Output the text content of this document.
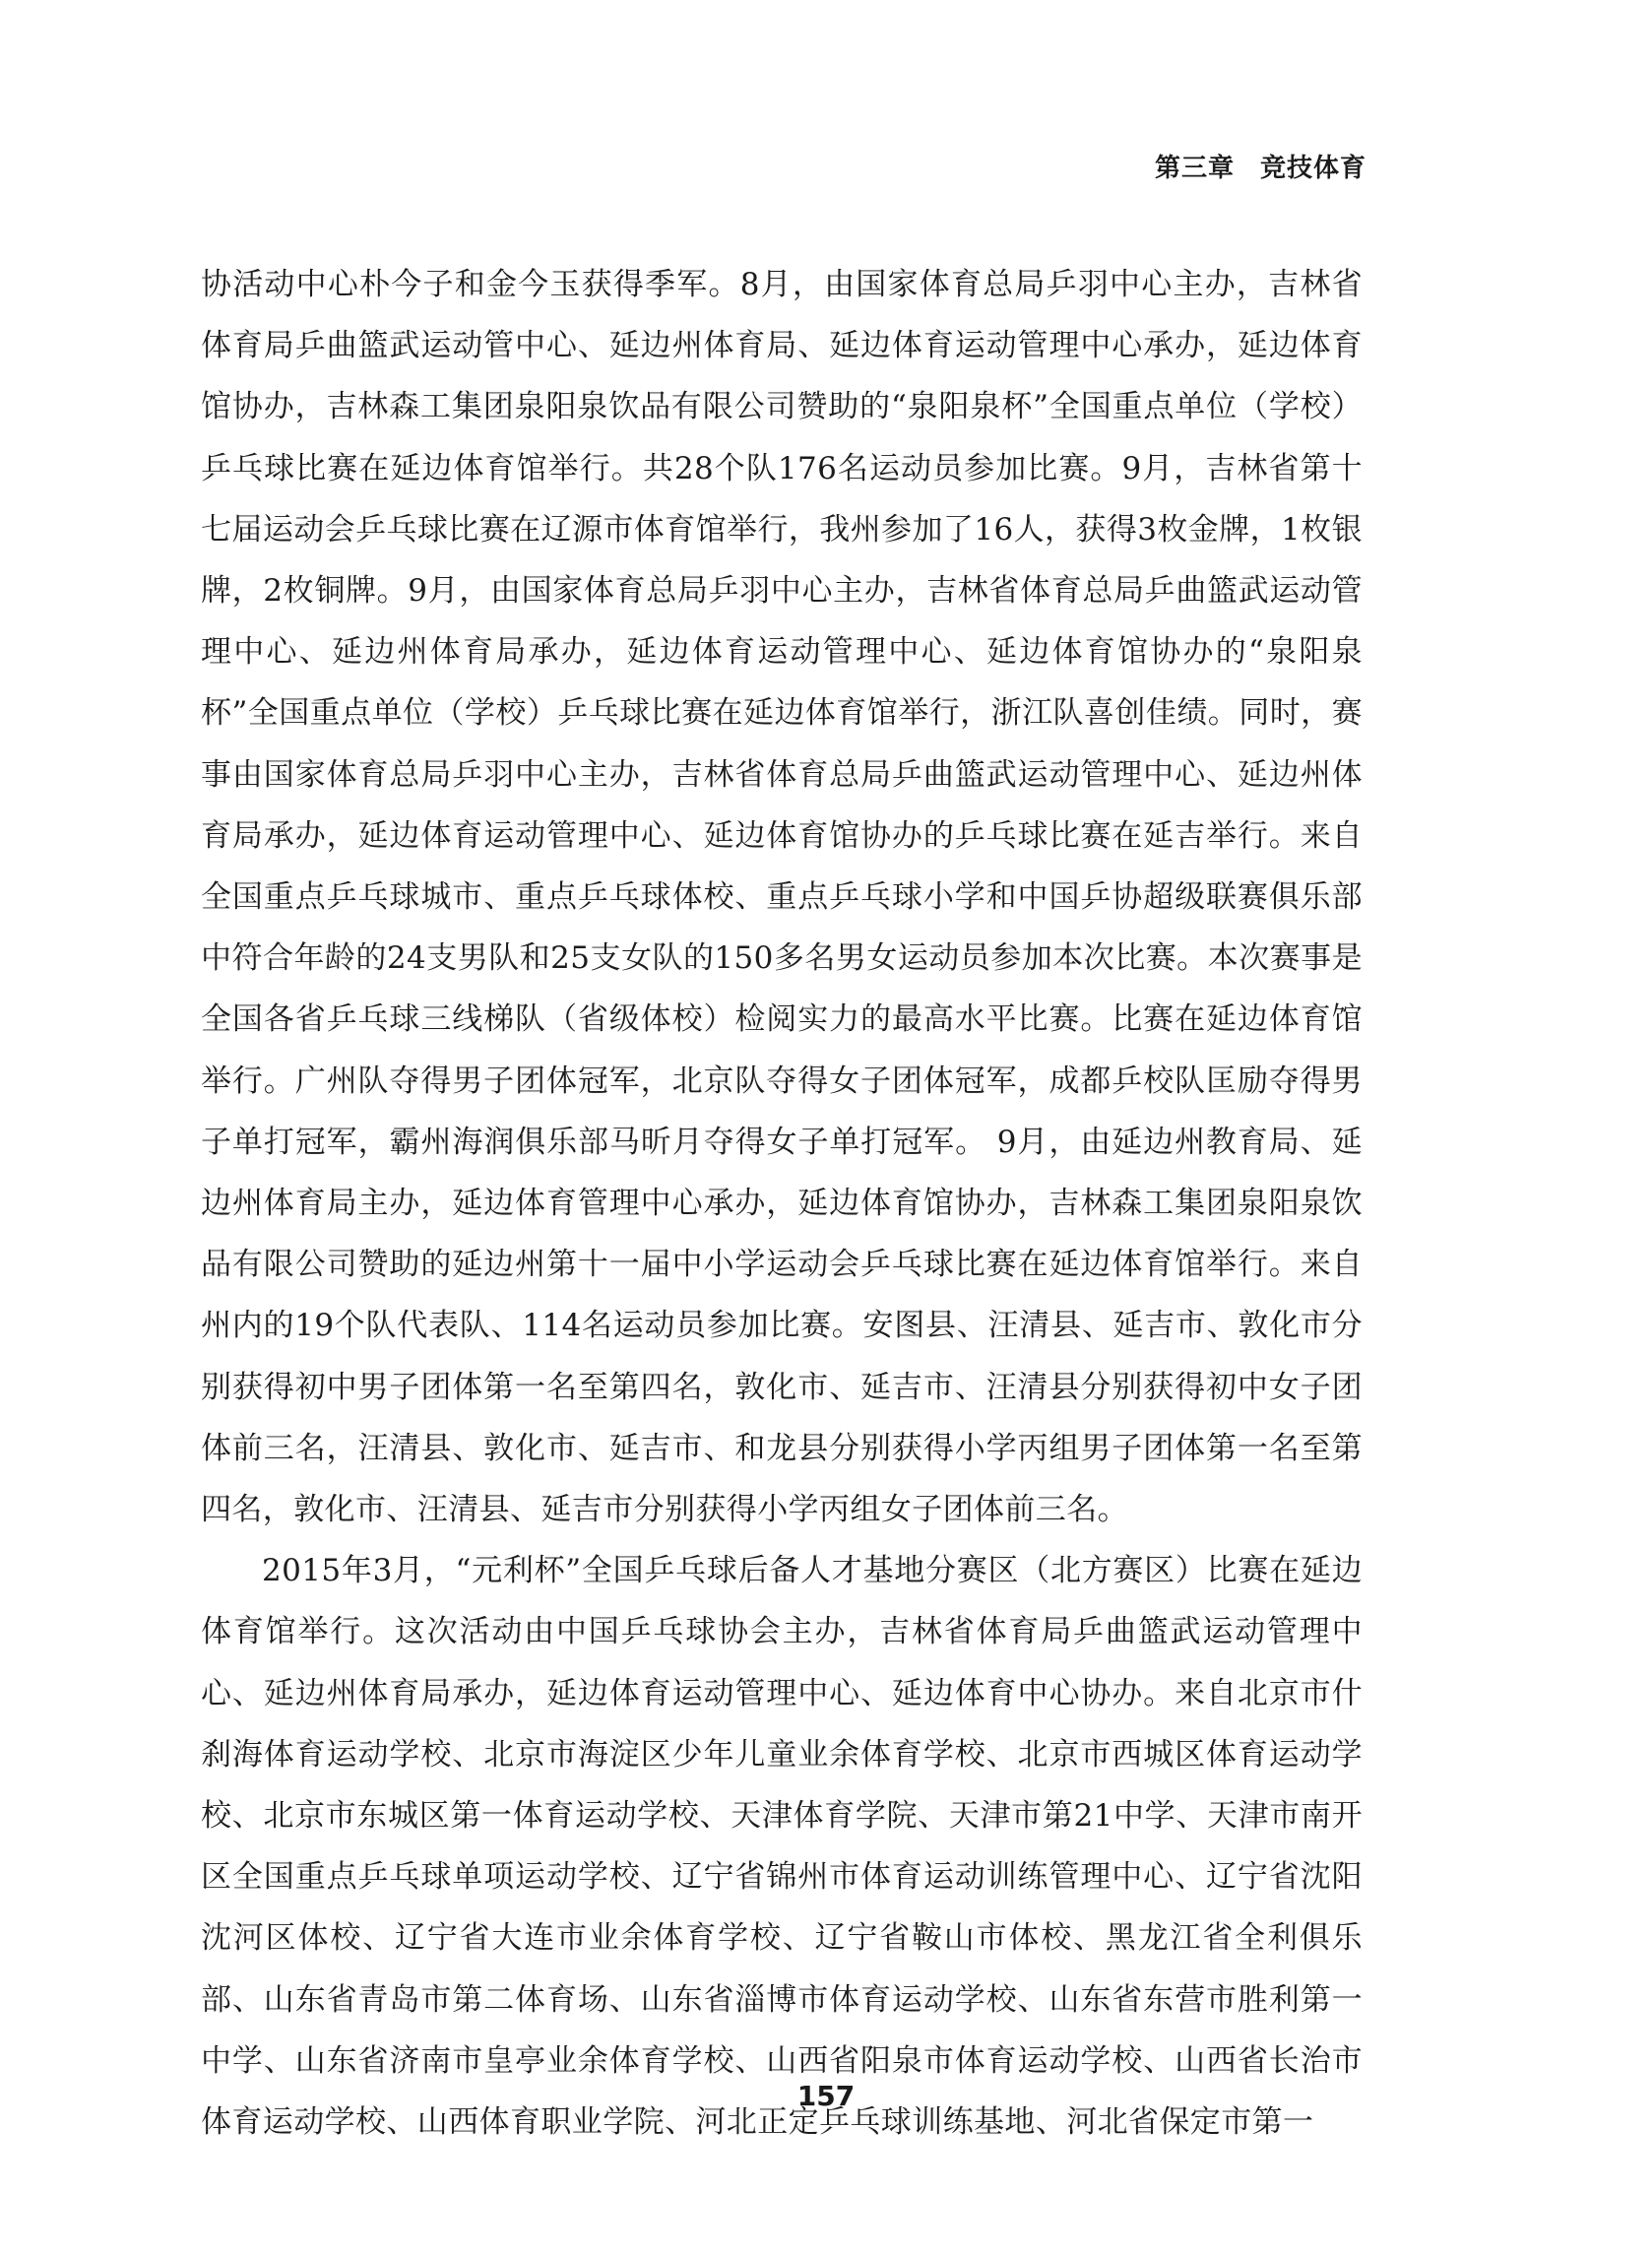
第三章 竞技体育

协活动中心朴今子和金今玉获得季军。8月，由国家体育总局乒羽中心主办，吉林省体育局乒曲篮武运动管中心、延边州体育局、延边体育运动管理中心承办，延边体育馆协办，吉林森工集团泉阳泉饮品有限公司赞助的“泉阳泉杯”全国重点单位（学校）乒乓球比赛在延边体育馆举行。共28个队176名运动员参加比赛。9月，吉林省第十七届运动会乒乓球比赛在辽源市体育馆举行，我州参加了16人，获得3枚金牌，1枚银牌，2枚铜牌。9月，由国家体育总局乒羽中心主办，吉林省体育总局乒曲篮武运动管理中心、延边州体育局承办，延边体育运动管理中心、延边体育馆协办的“泉阳泉杯”全国重点单位（学校）乒乓球比赛在延边体育馆举行，浙江队喜创佳绩。同时，赛事由国家体育总局乒羽中心主办，吉林省体育总局乒曲篮武运动管理中心、延边州体育局承办，延边体育运动管理中心、延边体育馆协办的乒乓球比赛在延吉举行。来自全国重点乒乓球城市、重点乒乓球体校、重点乒乓球小学和中国乒协超级联赛俱乐部中符合年龄的24支男队和25支女队的150多名男女运动员参加本次比赛。本次赛事是全国各省乒乓球三线梯队（省级体校）检阅实力的最高水平比赛。比赛在延边体育馆举行。广州队夺得男子团体冠军，北京队夺得女子团体冠军，成都乒校队匡励夺得男子单打冠军，霸州海润俱乐部马昕月夺得女子单打冠军。 9月，由延边州教育局、延边州体育局主办，延边体育管理中心承办，延边体育馆协办，吉林森工集团泉阳泉饮品有限公司赞助的延边州第十一届中小学运动会乒乓球比赛在延边体育馆举行。来自州内的19个队代表队、114名运动员参加比赛。安图县、汪清县、延吉市、敦化市分别获得初中男子团体第一名至第四名，敦化市、延吉市、汪清县分别获得初中女子团体前三名，汪清县、敦化市、延吉市、和龙县分别获得小学丙组男子团体第一名至第四名，敦化市、汪清县、延吉市分别获得小学丙组女子团体前三名。

2015年3月，“元利杯”全国乒乓球后备人才基地分赛区（北方赛区）比赛在延边体育馆举行。这次活动由中国乒乓球协会主办，吉林省体育局乒曲篮武运动管理中心、延边州体育局承办，延边体育运动管理中心、延边体育中心协办。来自北京市什刹海体育运动学校、北京市海淀区少年儿童业余体育学校、北京市西城区体育运动学校、北京市东城区第一体育运动学校、天津体育学院、天津市第21中学、天津市南开区全国重点乒乓球单项运动学校、辽宁省锦州市体育运动训练管理中心、辽宁省沈阳沈河区体校、辽宁省大连市业余体育学校、辽宁省鞍山市体校、黑龙江省全利俱乐部、山东省青岛市第二体育场、山东省淄博市体育运动学校、山东省东营市胜利第一中学、山东省济南市皇亭业余体育学校、山西省阳泉市体育运动学校、山西省长治市体育运动学校、山西体育职业学院、河北正定乒乓球训练基地、河北省保定市第一

157
